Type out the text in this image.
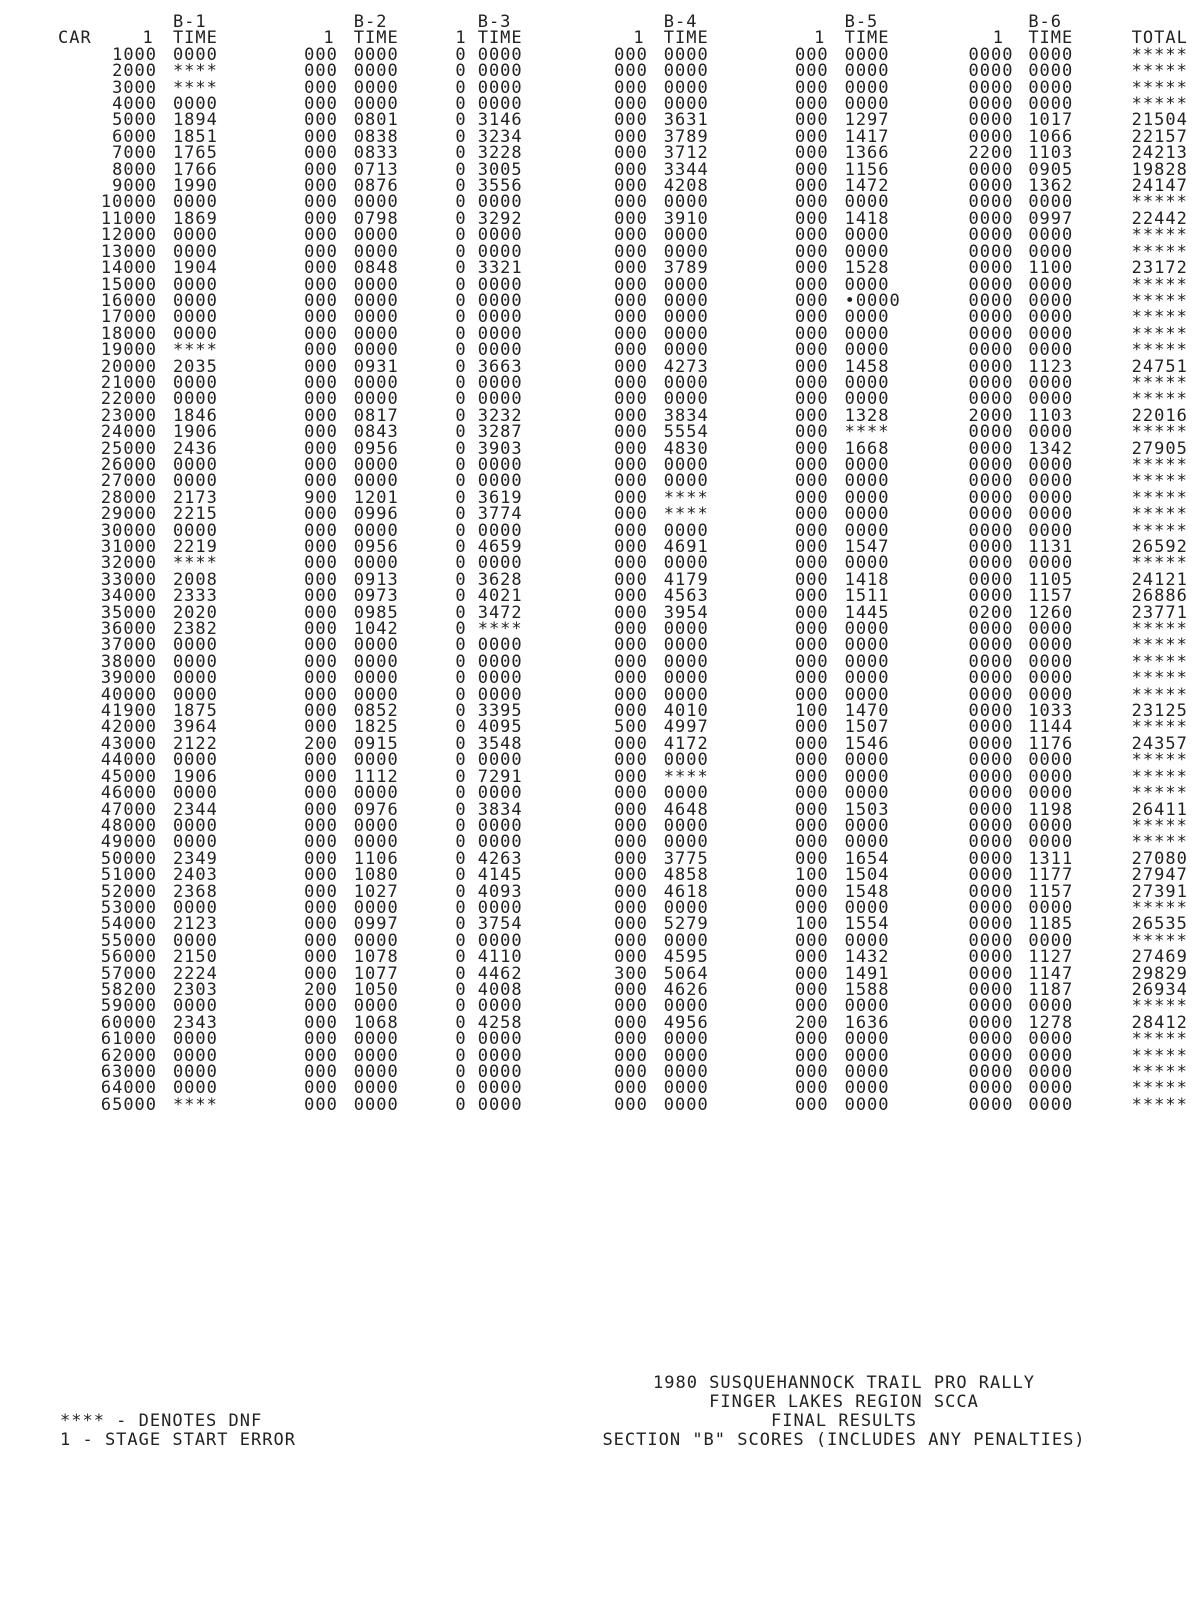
		B-1		B-2		B-3		B-4		B-5		B-6	
CAR	1	TIME	1	TIME	1	TIME	1	TIME	1	TIME	1	TIME	TOTAL
1	000	0000	000	0000	0	0000	000	0000	000	0000	0000	0000	*****
2	000	****	000	0000	0	0000	000	0000	000	0000	0000	0000	*****
3	000	****	000	0000	0	0000	000	0000	000	0000	0000	0000	*****
4	000	0000	000	0000	0	0000	000	0000	000	0000	0000	0000	*****
5	000	1894	000	0801	0	3146	000	3631	000	1297	0000	1017	21504
6	000	1851	000	0838	0	3234	000	3789	000	1417	0000	1066	22157
7	000	1765	000	0833	0	3228	000	3712	000	1366	2200	1103	24213
8	000	1766	000	0713	0	3005	000	3344	000	1156	0000	0905	19828
9	000	1990	000	0876	0	3556	000	4208	000	1472	0000	1362	24147
10	000	0000	000	0000	0	0000	000	0000	000	0000	0000	0000	*****
11	000	1869	000	0798	0	3292	000	3910	000	1418	0000	0997	22442
12	000	0000	000	0000	0	0000	000	0000	000	0000	0000	0000	*****
13	000	0000	000	0000	0	0000	000	0000	000	0000	0000	0000	*****
14	000	1904	000	0848	0	3321	000	3789	000	1528	0000	1100	23172
15	000	0000	000	0000	0	0000	000	0000	000	0000	0000	0000	*****
16	000	0000	000	0000	0	0000	000	0000	000	•0000	0000	0000	*****
17	000	0000	000	0000	0	0000	000	0000	000	0000	0000	0000	*****
18	000	0000	000	0000	0	0000	000	0000	000	0000	0000	0000	*****
19	000	****	000	0000	0	0000	000	0000	000	0000	0000	0000	*****
20	000	2035	000	0931	0	3663	000	4273	000	1458	0000	1123	24751
21	000	0000	000	0000	0	0000	000	0000	000	0000	0000	0000	*****
22	000	0000	000	0000	0	0000	000	0000	000	0000	0000	0000	*****
23	000	1846	000	0817	0	3232	000	3834	000	1328	2000	1103	22016
24	000	1906	000	0843	0	3287	000	5554	000	****	0000	0000	*****
25	000	2436	000	0956	0	3903	000	4830	000	1668	0000	1342	27905
26	000	0000	000	0000	0	0000	000	0000	000	0000	0000	0000	*****
27	000	0000	000	0000	0	0000	000	0000	000	0000	0000	0000	*****
28	000	2173	900	1201	0	3619	000	****	000	0000	0000	0000	*****
29	000	2215	000	0996	0	3774	000	****	000	0000	0000	0000	*****
30	000	0000	000	0000	0	0000	000	0000	000	0000	0000	0000	*****
31	000	2219	000	0956	0	4659	000	4691	000	1547	0000	1131	26592
32	000	****	000	0000	0	0000	000	0000	000	0000	0000	0000	*****
33	000	2008	000	0913	0	3628	000	4179	000	1418	0000	1105	24121
34	000	2333	000	0973	0	4021	000	4563	000	1511	0000	1157	26886
35	000	2020	000	0985	0	3472	000	3954	000	1445	0200	1260	23771
36	000	2382	000	1042	0	****	000	0000	000	0000	0000	0000	*****
37	000	0000	000	0000	0	0000	000	0000	000	0000	0000	0000	*****
38	000	0000	000	0000	0	0000	000	0000	000	0000	0000	0000	*****
39	000	0000	000	0000	0	0000	000	0000	000	0000	0000	0000	*****
40	000	0000	000	0000	0	0000	000	0000	000	0000	0000	0000	*****
41	900	1875	000	0852	0	3395	000	4010	100	1470	0000	1033	23125
42	000	3964	000	1825	0	4095	500	4997	000	1507	0000	1144	*****
43	000	2122	200	0915	0	3548	000	4172	000	1546	0000	1176	24357
44	000	0000	000	0000	0	0000	000	0000	000	0000	0000	0000	*****
45	000	1906	000	1112	0	7291	000	****	000	0000	0000	0000	*****
46	000	0000	000	0000	0	0000	000	0000	000	0000	0000	0000	*****
47	000	2344	000	0976	0	3834	000	4648	000	1503	0000	1198	26411
48	000	0000	000	0000	0	0000	000	0000	000	0000	0000	0000	*****
49	000	0000	000	0000	0	0000	000	0000	000	0000	0000	0000	*****
50	000	2349	000	1106	0	4263	000	3775	000	1654	0000	1311	27080
51	000	2403	000	1080	0	4145	000	4858	100	1504	0000	1177	27947
52	000	2368	000	1027	0	4093	000	4618	000	1548	0000	1157	27391
53	000	0000	000	0000	0	0000	000	0000	000	0000	0000	0000	*****
54	000	2123	000	0997	0	3754	000	5279	100	1554	0000	1185	26535
55	000	0000	000	0000	0	0000	000	0000	000	0000	0000	0000	*****
56	000	2150	000	1078	0	4110	000	4595	000	1432	0000	1127	27469
57	000	2224	000	1077	0	4462	300	5064	000	1491	0000	1147	29829
58	200	2303	200	1050	0	4008	000	4626	000	1588	0000	1187	26934
59	000	0000	000	0000	0	0000	000	0000	000	0000	0000	0000	*****
60	000	2343	000	1068	0	4258	000	4956	200	1636	0000	1278	28412
61	000	0000	000	0000	0	0000	000	0000	000	0000	0000	0000	*****
62	000	0000	000	0000	0	0000	000	0000	000	0000	0000	0000	*****
63	000	0000	000	0000	0	0000	000	0000	000	0000	0000	0000	*****
64	000	0000	000	0000	0	0000	000	0000	000	0000	0000	0000	*****
65	000	****	000	0000	0	0000	000	0000	000	0000	0000	0000	*****
1980 SUSQUEHANNOCK TRAIL PRO RALLY
FINGER LAKES REGION SCCA
FINAL RESULTS
SECTION "B" SCORES (INCLUDES ANY PENALTIES)
**** - DENOTES DNF
1 - STAGE START ERROR
